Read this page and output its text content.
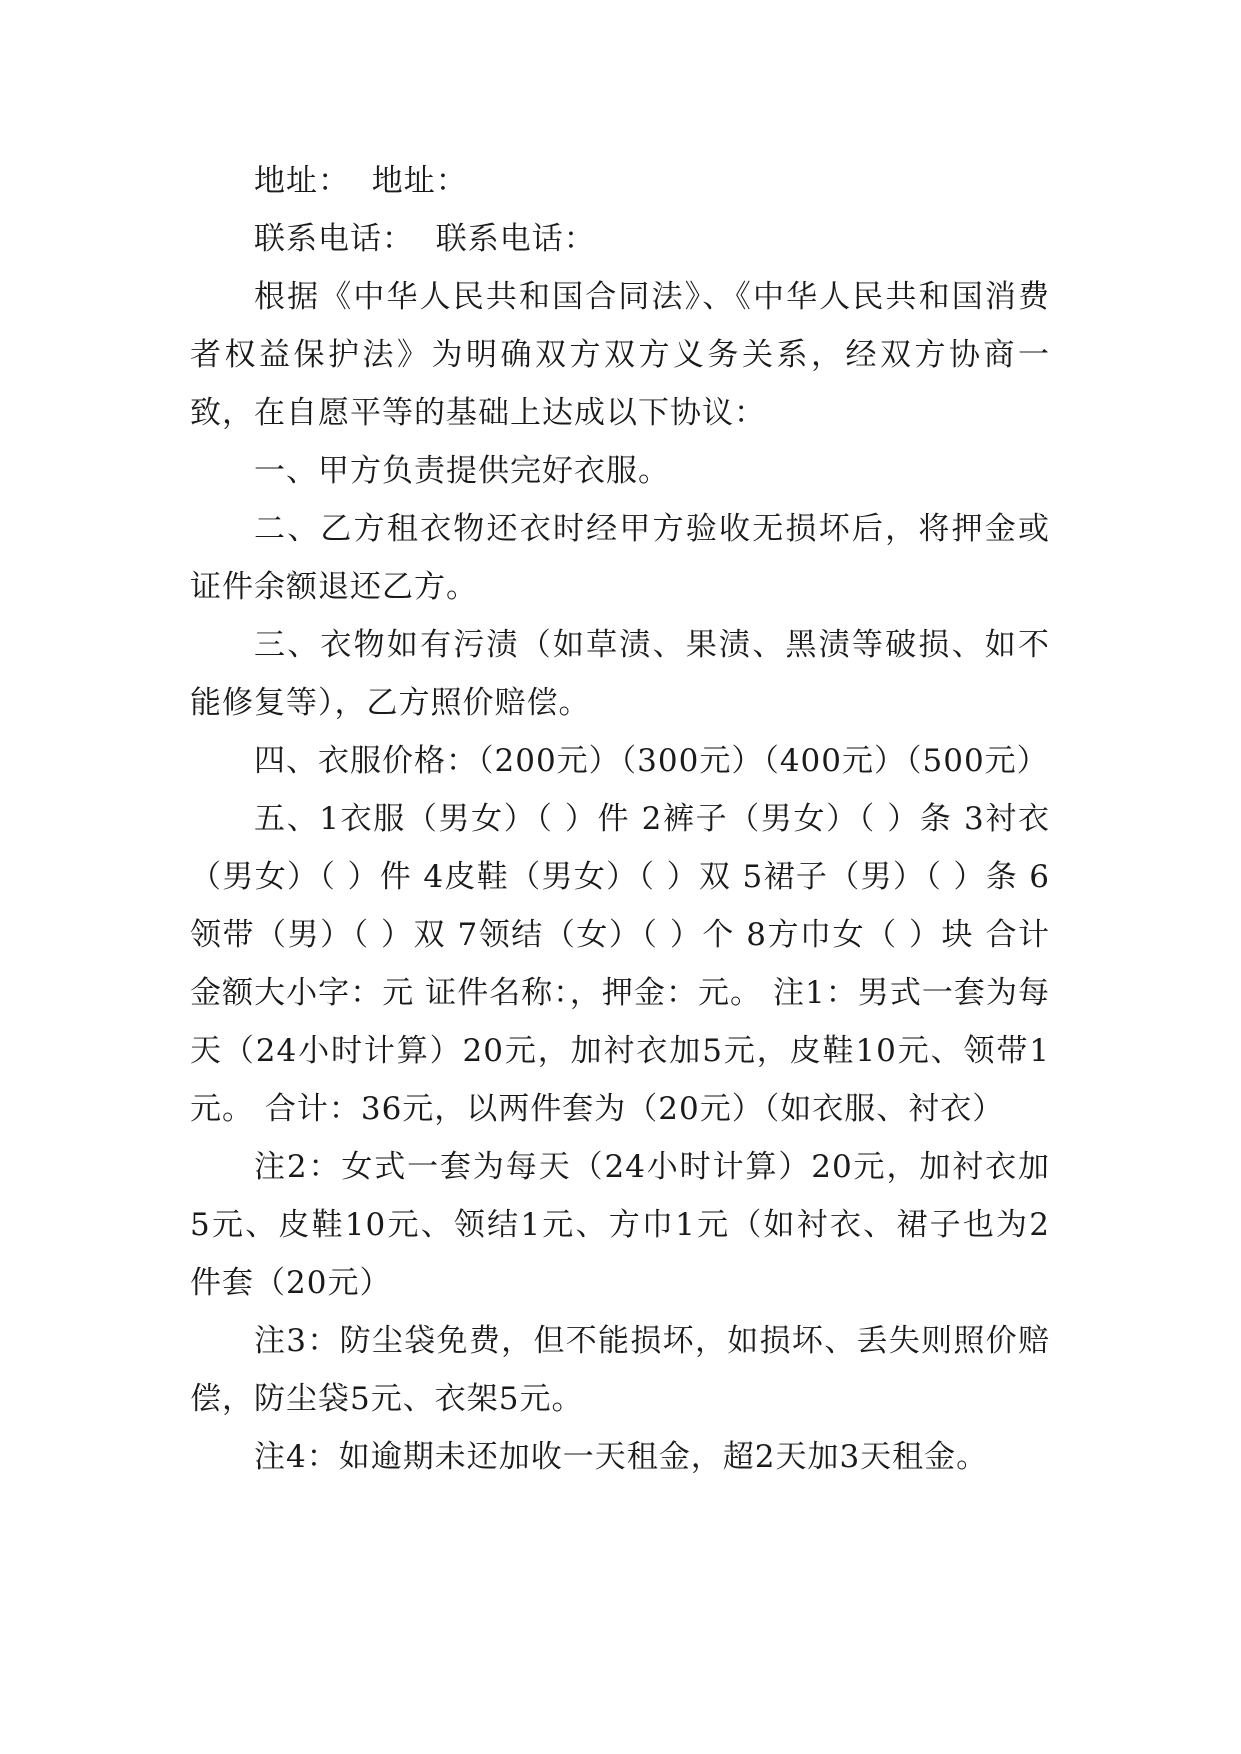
地址：  地址：

联系电话：  联系电话：

根据《中华人民共和国合同法》、《中华人民共和国消费者权益保护法》为明确双方双方义务关系，经双方协商一致，在自愿平等的基础上达成以下协议：

一、甲方负责提供完好衣服。

二、乙方租衣物还衣时经甲方验收无损坏后，将押金或证件余额退还乙方。

三、衣物如有污渍（如草渍、果渍、黑渍等破损、如不能修复等），乙方照价赔偿。

四、衣服价格：（200元）（300元）（400元）（500元）

五、1衣服（男女）（ ）件 2裤子（男女）（ ）条 3衬衣（男女）（ ）件 4皮鞋（男女）（ ）双 5裙子（男）（ ）条 6领带（男）（ ）双 7领结（女）（ ）个 8方巾女（ ）块 合计金额大小字：元 证件名称：，押金：元。 注1：男式一套为每天（24小时计算）20元，加衬衣加5元，皮鞋10元、领带1元。 合计：36元，以两件套为（20元）（如衣服、衬衣）

注2：女式一套为每天（24小时计算）20元，加衬衣加5元、皮鞋10元、领结1元、方巾1元（如衬衣、裙子也为2件套（20元）

注3：防尘袋免费，但不能损坏，如损坏、丢失则照价赔偿，防尘袋5元、衣架5元。

注4：如逾期未还加收一天租金，超2天加3天租金。
